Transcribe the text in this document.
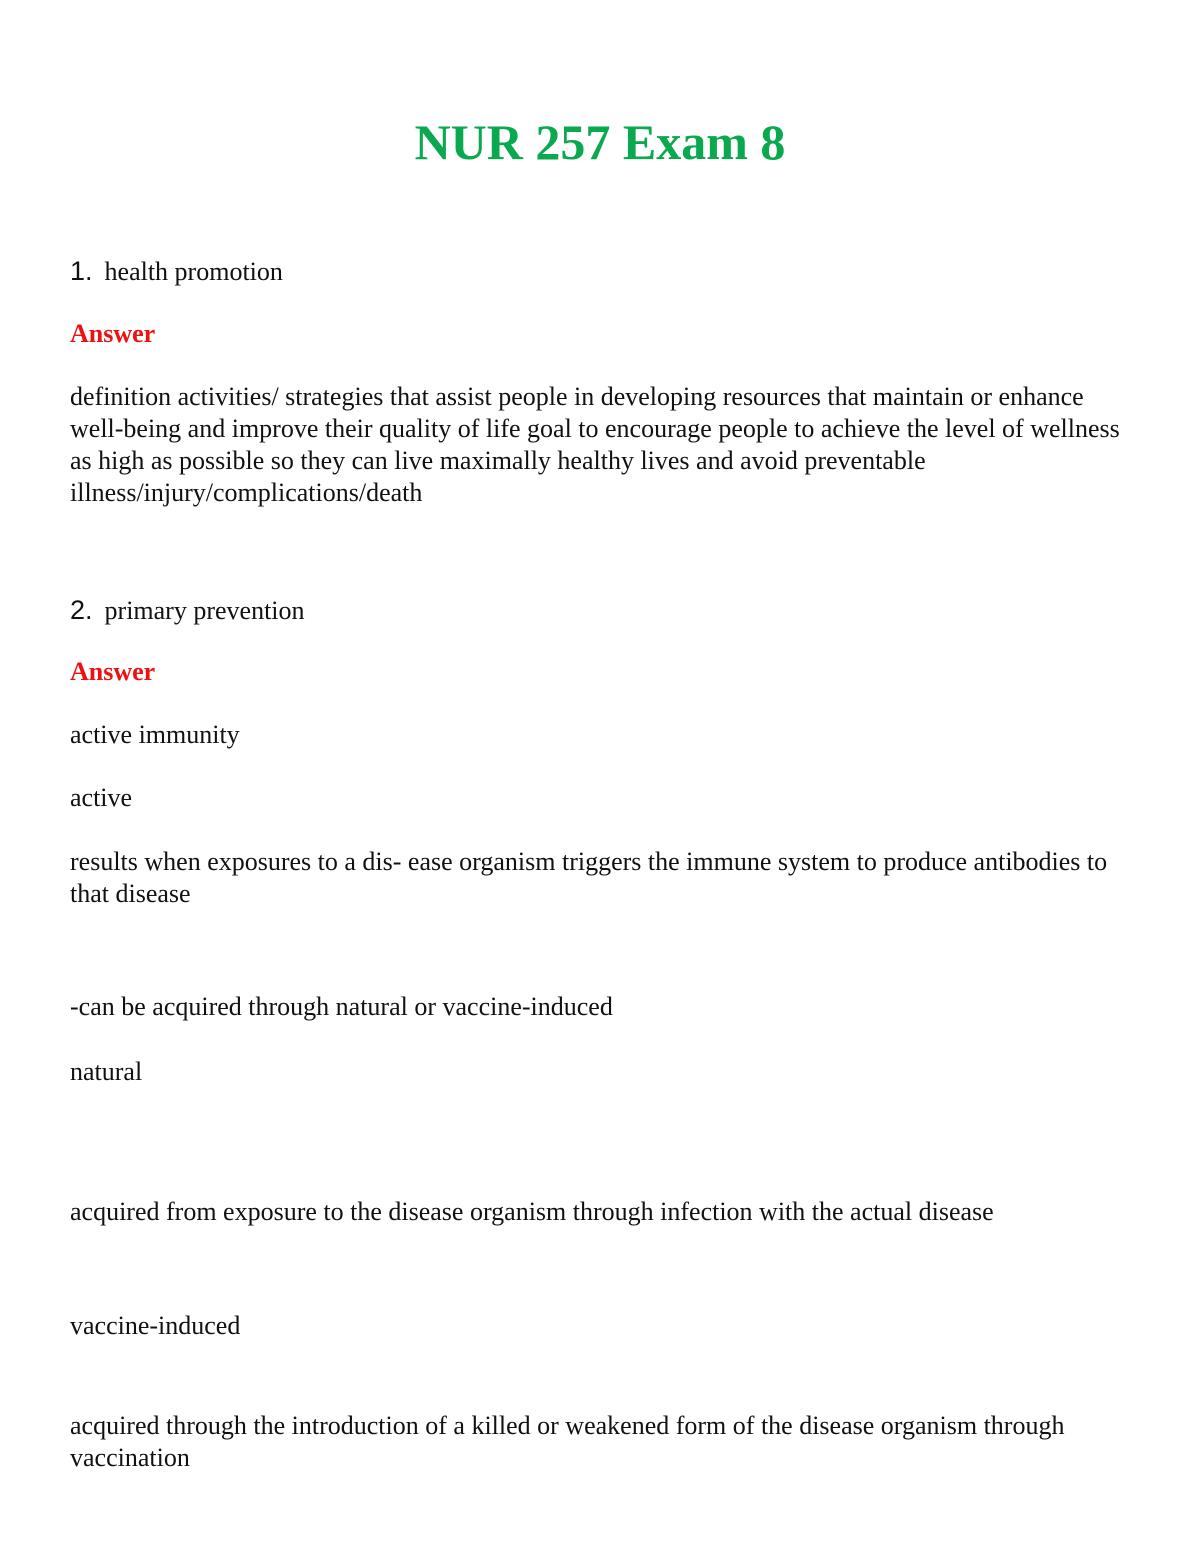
NUR 257 Exam 8

1. health promotion

Answer

definition activities/ strategies that assist people in developing resources that maintain or enhance well-being and improve their quality of life goal to encourage people to achieve the level of wellness as high as possible so they can live maximally healthy lives and avoid preventable illness/injury/complications/death

2. primary prevention

Answer

active immunity

active

results when exposures to a dis- ease organism triggers the immune system to produce antibodies to that disease

-can be acquired through natural or vaccine-induced

natural

acquired from exposure to the disease organism through infection with the actual disease

vaccine-induced

acquired through the introduction of a killed or weakened form of the disease organism through vaccination
